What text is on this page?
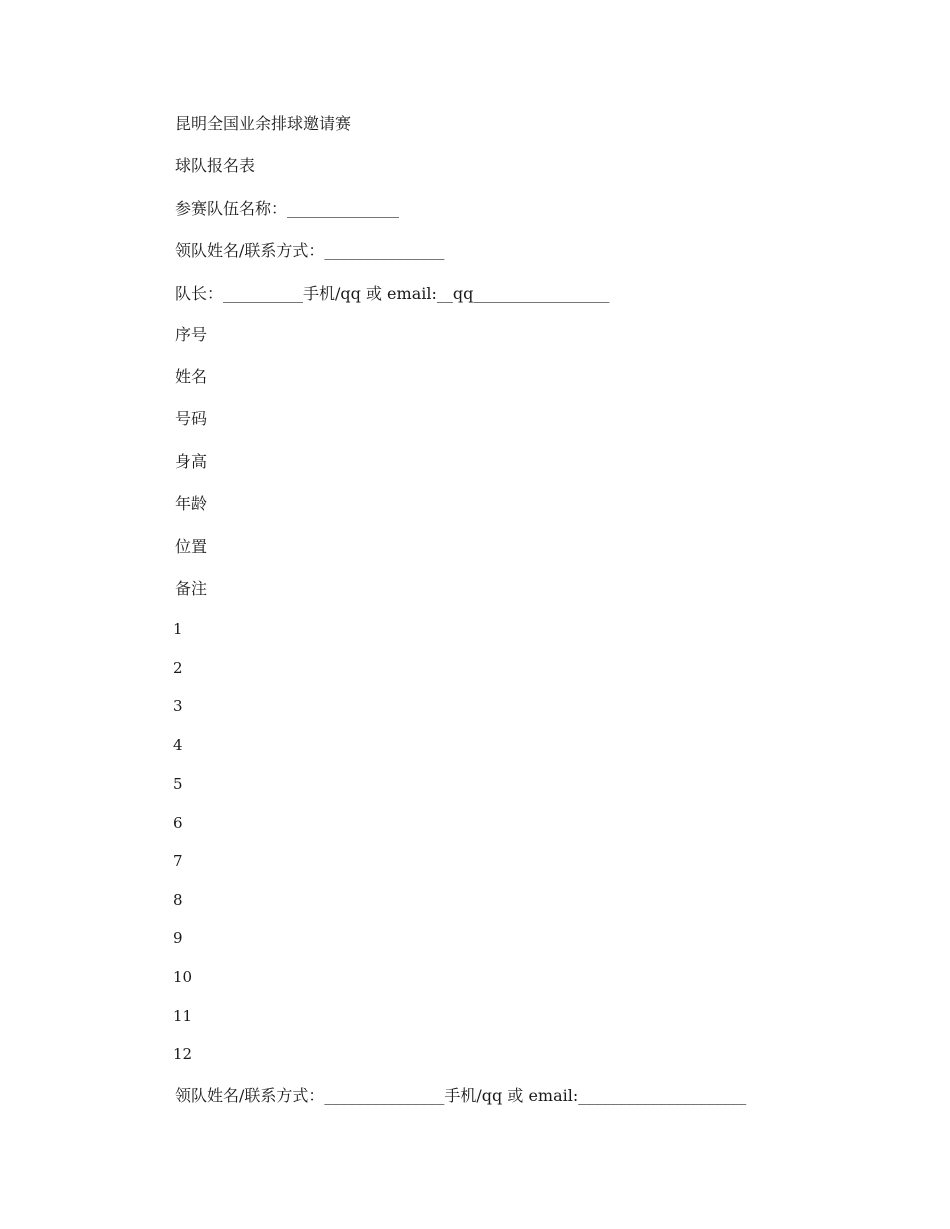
昆明全国业余排球邀请赛
球队报名表
参赛队伍名称：______________
领队姓名/联系方式：_______________
队长：__________手机/qq 或 email:__qq_________________
序号
姓名
号码
身高
年龄
位置
备注
1
2
3
4
5
6
7
8
9
10
11
12
领队姓名/联系方式：_______________手机/qq 或 email:_____________________
